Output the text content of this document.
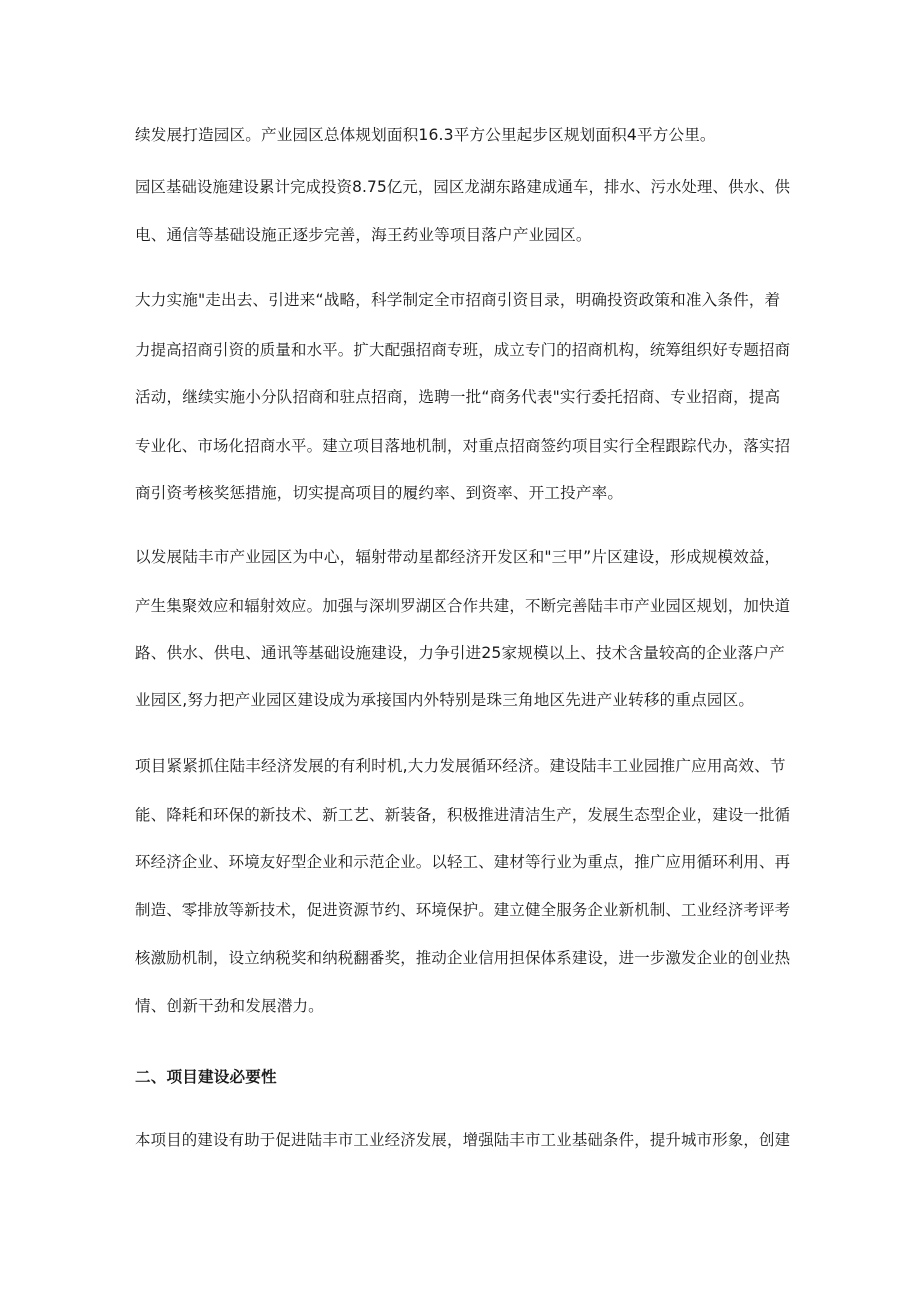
续发展打造园区。产业园区总体规划面积16.3平方公里起步区规划面积4平方公里。
园区基础设施建设累计完成投资8.75亿元，园区龙湖东路建成通车，排水、污水处理、供水、供
电、通信等基础设施正逐步完善，海王药业等项目落户产业园区。
大力实施"走出去、引进来“战略，科学制定全市招商引资目录，明确投资政策和准入条件，着
力提高招商引资的质量和水平。扩大配强招商专班，成立专门的招商机构，统筹组织好专题招商
活动，继续实施小分队招商和驻点招商，选聘一批“商务代表"实行委托招商、专业招商，提高
专业化、市场化招商水平。建立项目落地机制，对重点招商签约项目实行全程跟踪代办，落实招
商引资考核奖惩措施，切实提高项目的履约率、到资率、开工投产率。
以发展陆丰市产业园区为中心，辐射带动星都经济开发区和"三甲”片区建设，形成规模效益，
产生集聚效应和辐射效应。加强与深圳罗湖区合作共建，不断完善陆丰市产业园区规划，加快道
路、供水、供电、通讯等基础设施建设，力争引进25家规模以上、技术含量较高的企业落户产
业园区,努力把产业园区建设成为承接国内外特别是珠三角地区先进产业转移的重点园区。
项目紧紧抓住陆丰经济发展的有利时机,大力发展循环经济。建设陆丰工业园推广应用高效、节
能、降耗和环保的新技术、新工艺、新装备，积极推进清洁生产，发展生态型企业，建设一批循
环经济企业、环境友好型企业和示范企业。以轻工、建材等行业为重点，推广应用循环利用、再
制造、零排放等新技术，促进资源节约、环境保护。建立健全服务企业新机制、工业经济考评考
核激励机制，设立纳税奖和纳税翻番奖，推动企业信用担保体系建设，进一步激发企业的创业热
情、创新干劲和发展潜力。
二、项目建设必要性
本项目的建设有助于促进陆丰市工业经济发展，增强陆丰市工业基础条件，提升城市形象，创建
